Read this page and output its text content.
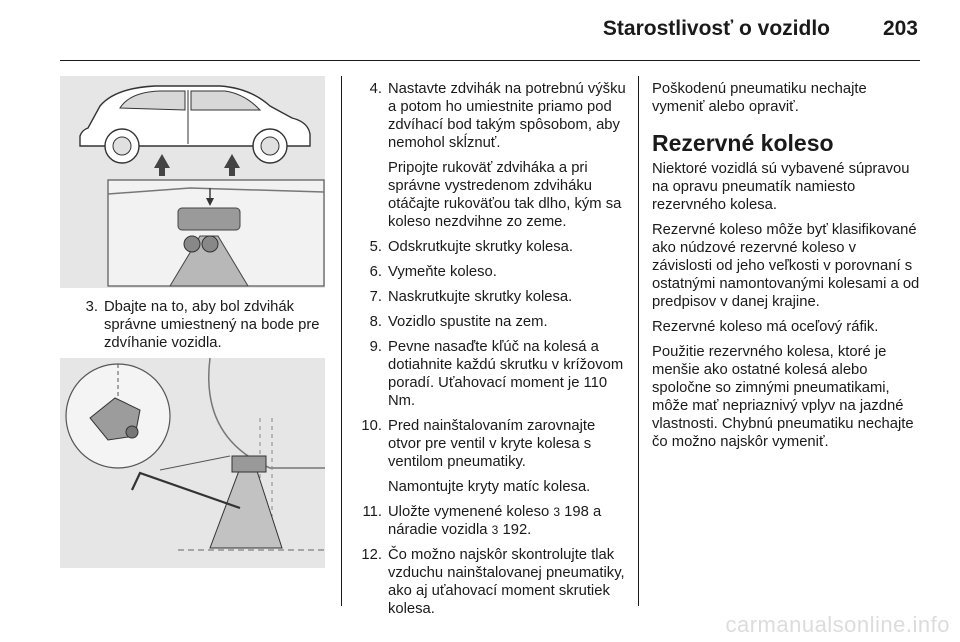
Starostlivosť o vozidlo	203
3. Dbajte na to, aby bol zdvihák správne umiestnený na bode pre zdvíhanie vozidla.
4. Nastavte zdvihák na potrebnú výšku a potom ho umiestnite priamo pod zdvíhací bod takým spôsobom, aby nemohol skĺznuť.
Pripojte rukoväť zdviháka a pri správne vystredenom zdviháku otáčajte rukoväťou tak dlho, kým sa koleso nezdvihne zo zeme.
5. Odskrutkujte skrutky kolesa.
6. Vymeňte koleso.
7. Naskrutkujte skrutky kolesa.
8. Vozidlo spustite na zem.
9. Pevne nasaďte kľúč na kolesá a dotiahnite každú skrutku v krížovom poradí. Uťahovací moment je 110 Nm.
10. Pred nainštalovaním zarovnajte otvor pre ventil v kryte kolesa s ventilom pneumatiky.
Namontujte kryty matíc kolesa.
11. Uložte vymenené koleso 3 198 a náradie vozidla 3 192.
12. Čo možno najskôr skontrolujte tlak vzduchu nainštalovanej pneumatiky, ako aj uťahovací moment skrutiek kolesa.

Poškodenú pneumatiku nechajte vymeniť alebo opraviť.

Rezervné koleso

Niektoré vozidlá sú vybavené súpravou na opravu pneumatík namiesto rezervného kolesa.

Rezervné koleso môže byť klasifikované ako núdzové rezervné koleso v závislosti od jeho veľkosti v porovnaní s ostatnými namontovanými kolesami a od predpisov v danej krajine.

Rezervné koleso má oceľový ráfik.

Použitie rezervného kolesa, ktoré je menšie ako ostatné kolesá alebo spoločne so zimnými pneumatikami, môže mať nepriaznivý vplyv na jazdné vlastnosti. Chybnú pneumatiku nechajte čo možno najskôr vymeniť.

carmanualsonline.info
